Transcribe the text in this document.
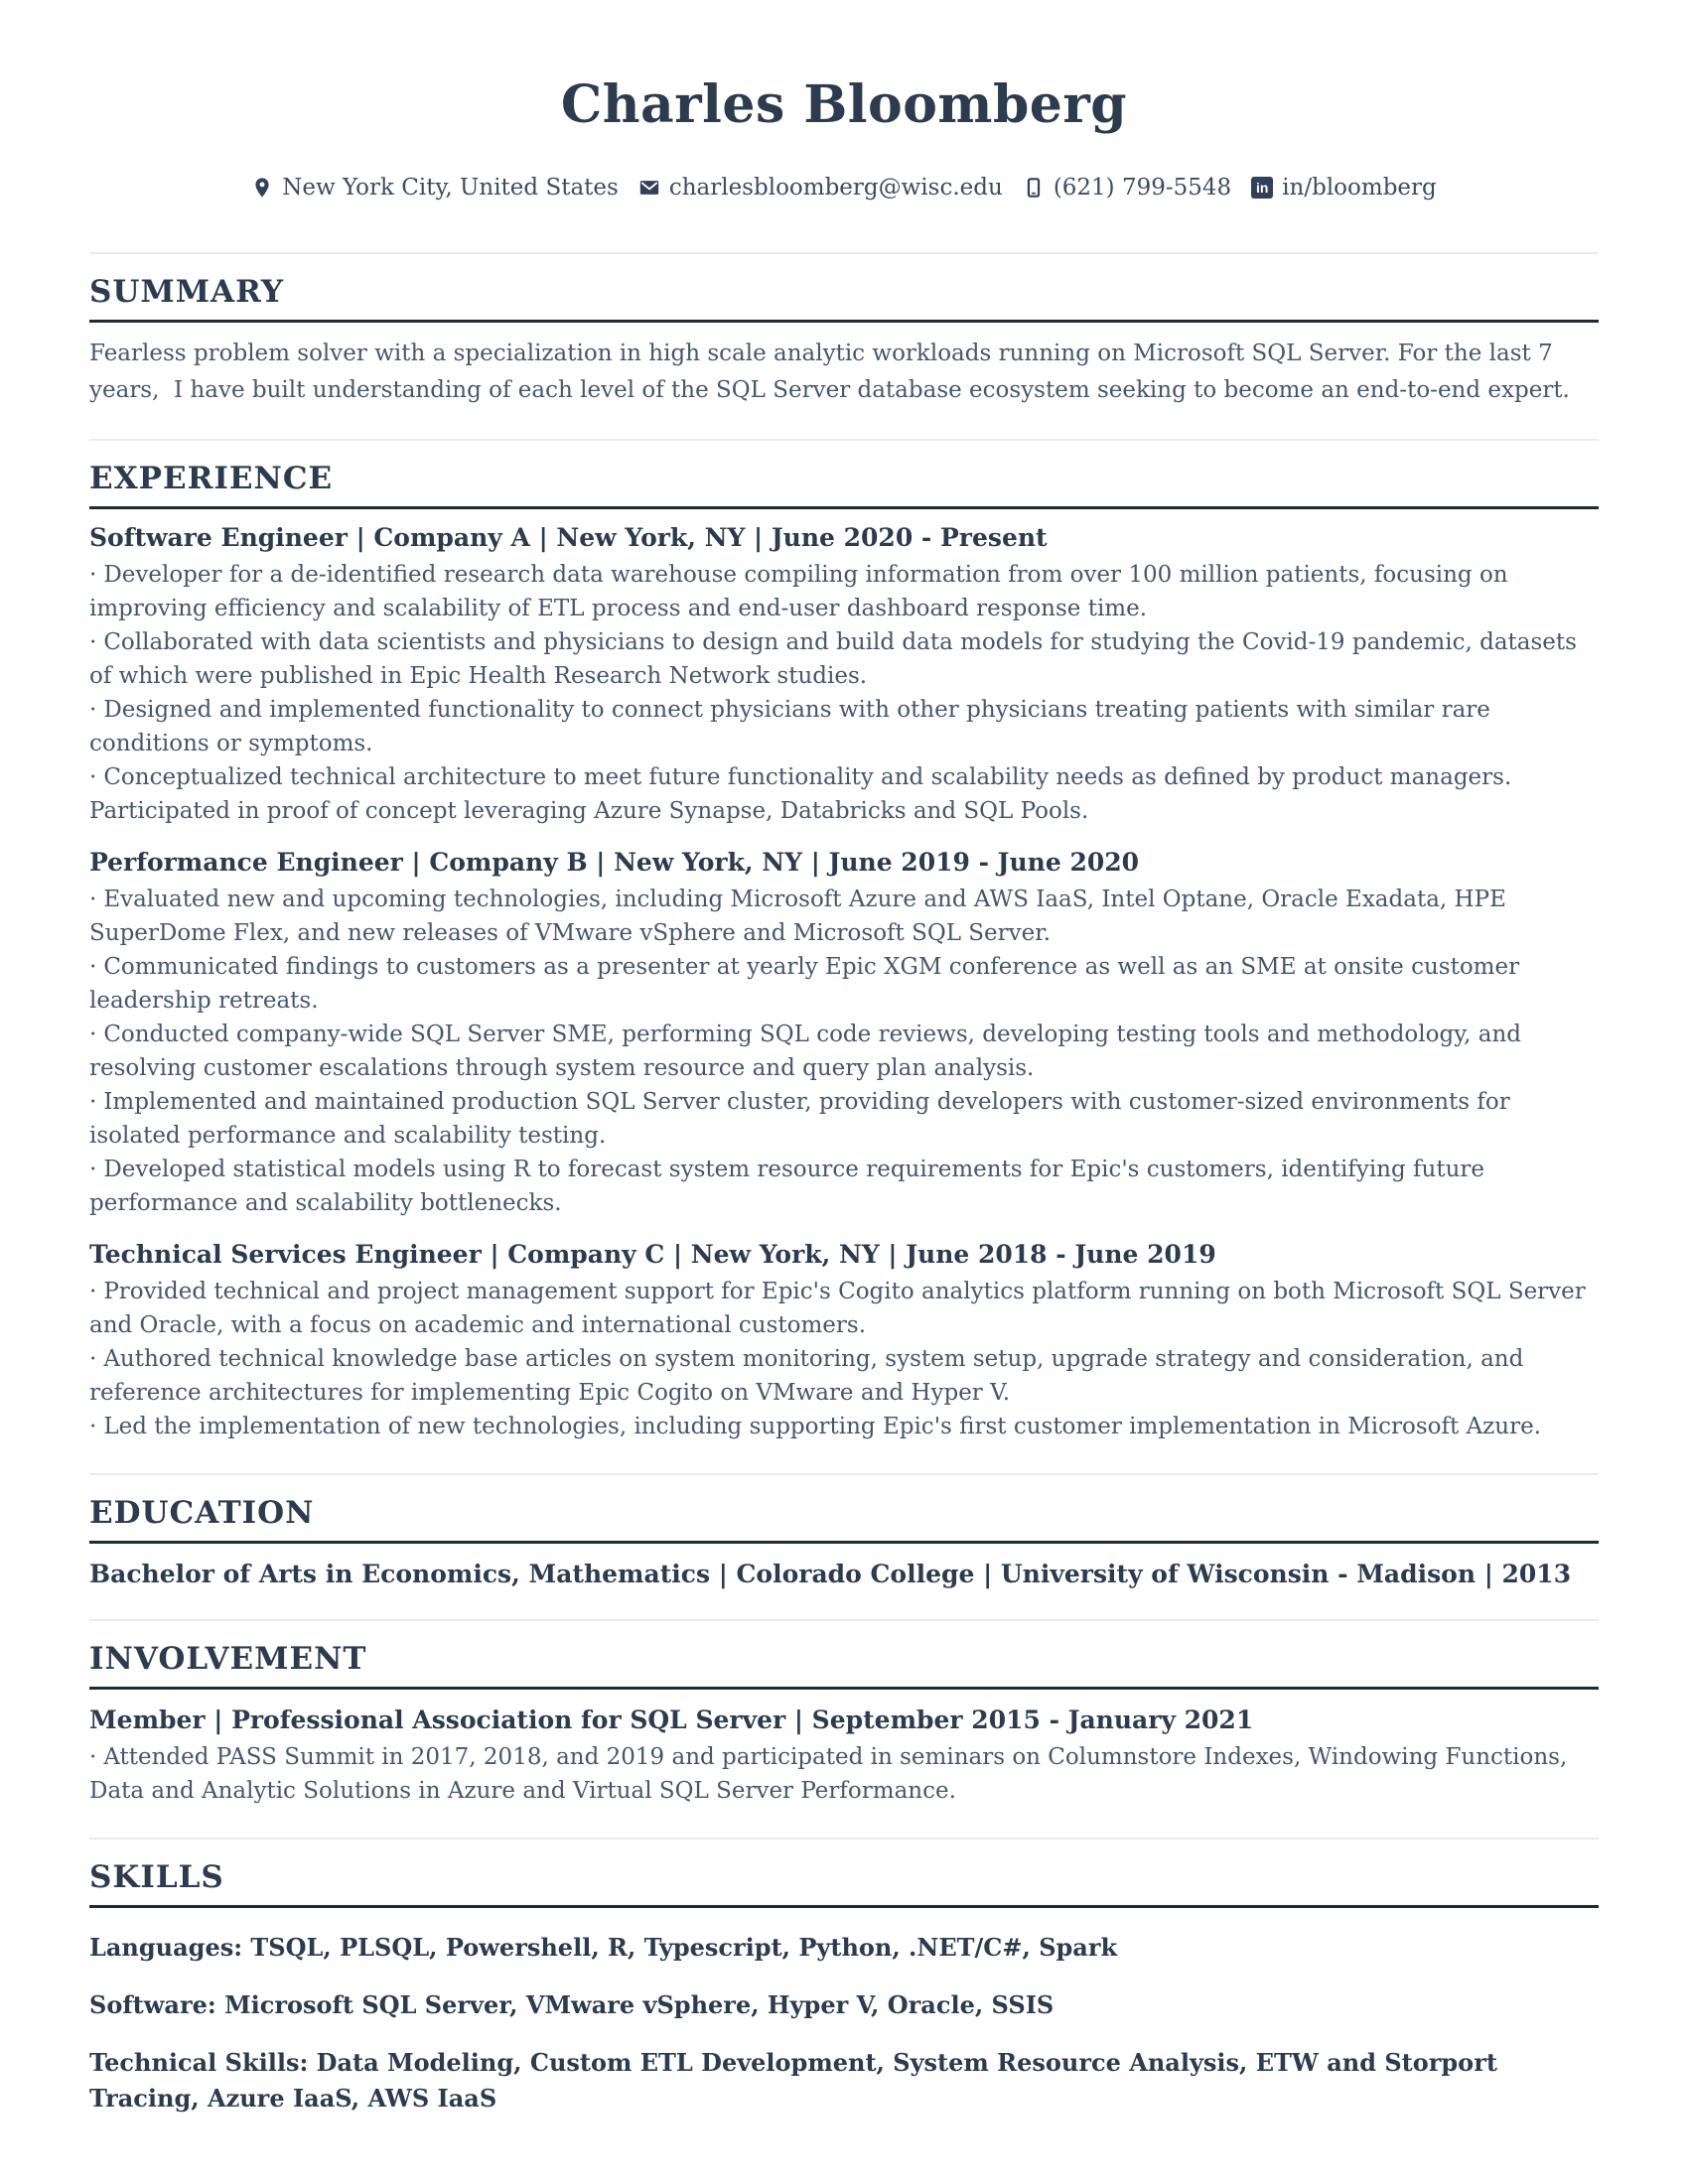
Charles Bloomberg
New York City, United States charlesbloomberg@wisc.edu (621) 799-5548	in in/bloomberg
SUMMARY

Fearless problem solver with a specialization in high scale analytic workloads running on Microsoft SQL Server. For the last 7 years,  I have built understanding of each level of the SQL Server database ecosystem seeking to become an end-to-end expert.

EXPERIENCE
Software Engineer | Company A | New York, NY | June 2020 - Present

· Developer for a de-identified research data warehouse compiling information from over 100 million patients, focusing on improving efficiency and scalability of ETL process and end-user dashboard response time.

· Collaborated with data scientists and physicians to design and build data models for studying the Covid-19 pandemic, datasets of which were published in Epic Health Research Network studies.

· Designed and implemented functionality to connect physicians with other physicians treating patients with similar rare conditions or symptoms.

· Conceptualized technical architecture to meet future functionality and scalability needs as defined by product managers. Participated in proof of concept leveraging Azure Synapse, Databricks and SQL Pools.

Performance Engineer | Company B | New York, NY | June 2019 - June 2020

· Evaluated new and upcoming technologies, including Microsoft Azure and AWS IaaS, Intel Optane, Oracle Exadata, HPE SuperDome Flex, and new releases of VMware vSphere and Microsoft SQL Server.

· Communicated findings to customers as a presenter at yearly Epic XGM conference as well as an SME at onsite customer leadership retreats.

· Conducted company-wide SQL Server SME, performing SQL code reviews, developing testing tools and methodology, and resolving customer escalations through system resource and query plan analysis.

· Implemented and maintained production SQL Server cluster, providing developers with customer-sized environments for isolated performance and scalability testing.

· Developed statistical models using R to forecast system resource requirements for Epic's customers, identifying future performance and scalability bottlenecks.

Technical Services Engineer | Company C | New York, NY | June 2018 - June 2019

· Provided technical and project management support for Epic's Cogito analytics platform running on both Microsoft SQL Server and Oracle, with a focus on academic and international customers.

· Authored technical knowledge base articles on system monitoring, system setup, upgrade strategy and consideration, and reference architectures for implementing Epic Cogito on VMware and Hyper V.

· Led the implementation of new technologies, including supporting Epic's first customer implementation in Microsoft Azure.

EDUCATION

Bachelor of Arts in Economics, Mathematics | Colorado College | University of Wisconsin - Madison | 2013

INVOLVEMENT
Member | Professional Association for SQL Server | September 2015 - January 2021

· Attended PASS Summit in 2017, 2018, and 2019 and participated in seminars on Columnstore Indexes, Windowing Functions, Data and Analytic Solutions in Azure and Virtual SQL Server Performance.

SKILLS

Languages: TSQL, PLSQL, Powershell, R, Typescript, Python, .NET/C#, Spark

Software: Microsoft SQL Server, VMware vSphere, Hyper V, Oracle, SSIS

Technical Skills: Data Modeling, Custom ETL Development, System Resource Analysis, ETW and Storport Tracing, Azure IaaS, AWS IaaS
